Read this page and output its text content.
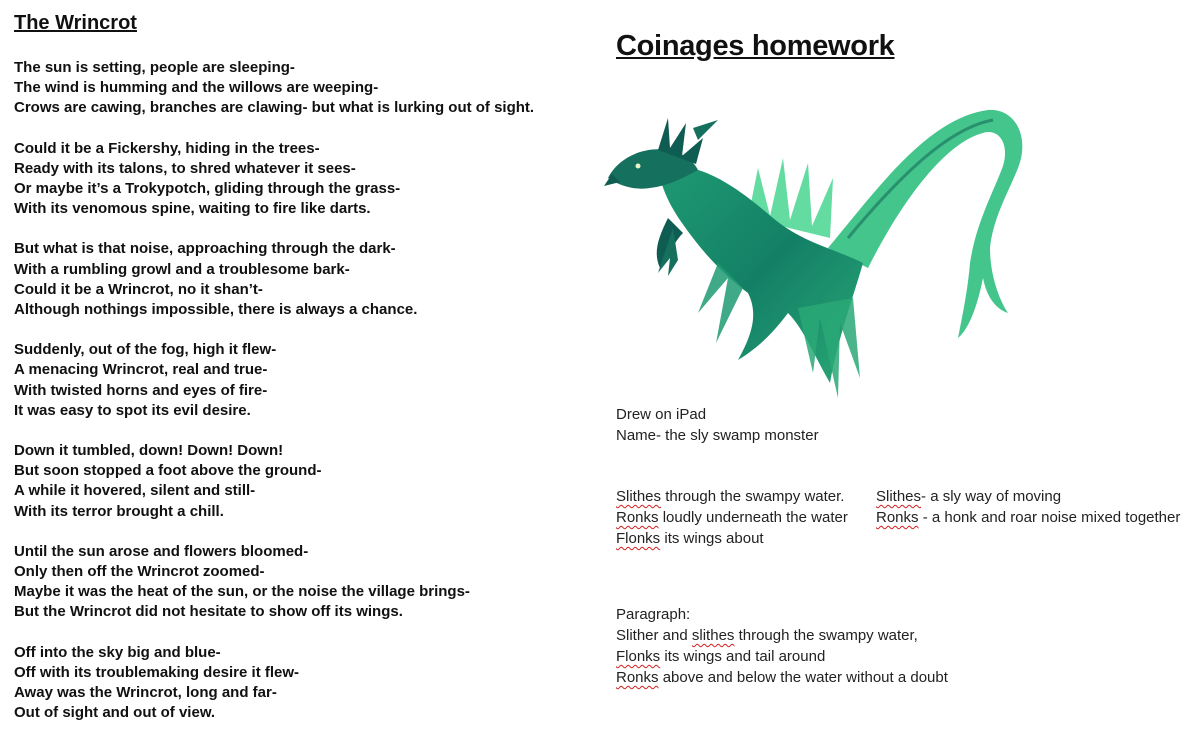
The Wrincrot
The sun is setting, people are sleeping-
The wind is humming and the willows are weeping-
Crows are cawing, branches are clawing- but what is lurking out of sight.
Could it be a Fickershy, hiding in the trees-
Ready with its talons, to shred whatever it sees-
Or maybe it’s a Trokypotch, gliding through the grass-
With its venomous spine, waiting to fire like darts.
But what is that noise, approaching through the dark-
With a rumbling growl and a troublesome bark-
Could it be a Wrincrot, no it shan’t-
Although nothings impossible, there is always a chance.
Suddenly, out of the fog, high it flew-
A menacing Wrincrot, real and true-
With twisted horns and eyes of fire-
It was easy to spot its evil desire.
Down it tumbled, down! Down! Down!
But soon stopped a foot above the ground-
A while it hovered, silent and still-
With its terror brought a chill.
Until the sun arose and flowers bloomed-
Only then off the Wrincrot zoomed-
Maybe it was the heat of the sun, or the noise the village brings-
But the Wrincrot did not hesitate to show off its wings.
Off into the sky big and blue-
Off with its troublemaking desire it flew-
Away was the Wrincrot, long and far-
Out of sight and out of view.
Coinages homework
Drew on iPad
Name- the sly swamp monster
Slithes through the swampy water. Slithes- a sly way of moving
Ronks loudly underneath the water Ronks - a honk and roar noise mixed together
Flonks its wings about
Paragraph:
Slither and slithes through the swampy water,
Flonks its wings and tail around
Ronks above and below the water without a doubt
